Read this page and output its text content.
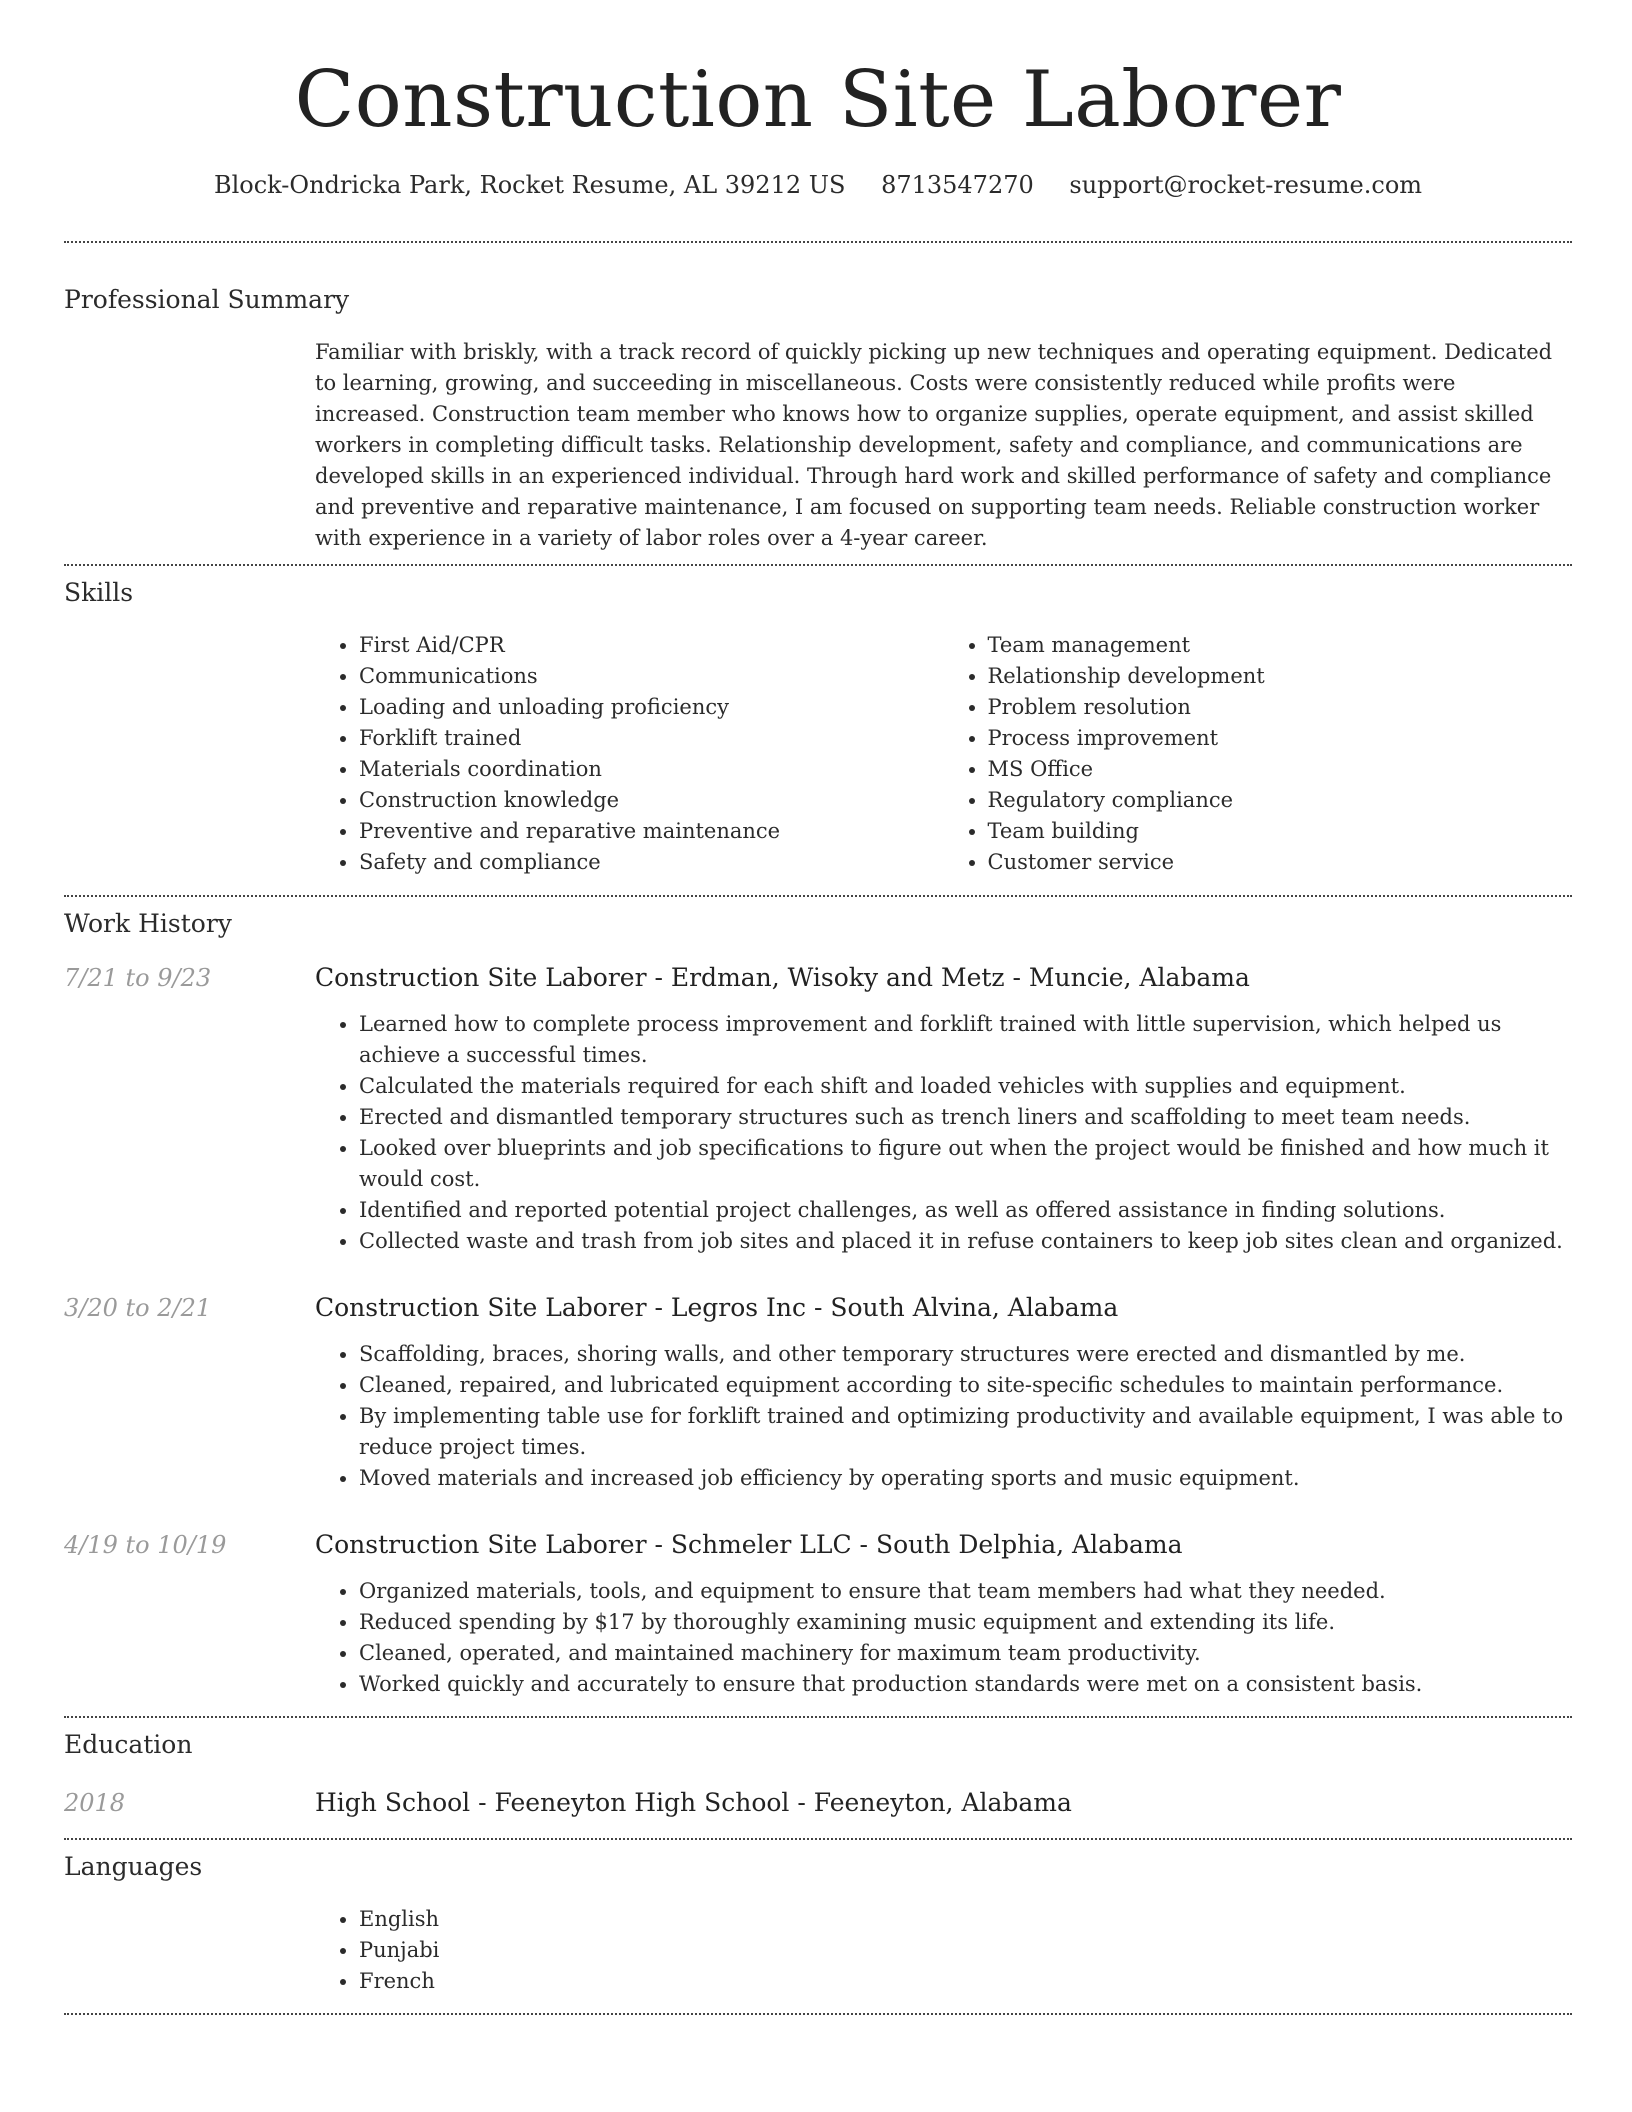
Construction Site Laborer
Block-Ondricka Park, Rocket Resume, AL 39212 US 8713547270 support@rocket-resume.com
Professional Summary
Familiar with briskly, with a track record of quickly picking up new techniques and operating equipment. Dedicated to learning, growing, and succeeding in miscellaneous. Costs were consistently reduced while profits were increased. Construction team member who knows how to organize supplies, operate equipment, and assist skilled workers in completing difficult tasks. Relationship development, safety and compliance, and communications are developed skills in an experienced individual. Through hard work and skilled performance of safety and compliance and preventive and reparative maintenance, I am focused on supporting team needs. Reliable construction worker with experience in a variety of labor roles over a 4-year career.
Skills
• First Aid/CPR
• Communications
• Loading and unloading proficiency
• Forklift trained
• Materials coordination
• Construction knowledge
• Preventive and reparative maintenance
• Safety and compliance
• Team management
• Relationship development
• Problem resolution
• Process improvement
• MS Office
• Regulatory compliance
• Team building
• Customer service
Work History
7/21 to 9/23	Construction Site Laborer - Erdman, Wisoky and Metz - Muncie, Alabama
• Learned how to complete process improvement and forklift trained with little supervision, which helped us achieve a successful times.
• Calculated the materials required for each shift and loaded vehicles with supplies and equipment.
• Erected and dismantled temporary structures such as trench liners and scaffolding to meet team needs.
• Looked over blueprints and job specifications to figure out when the project would be finished and how much it would cost.
• Identified and reported potential project challenges, as well as offered assistance in finding solutions.
• Collected waste and trash from job sites and placed it in refuse containers to keep job sites clean and organized.
3/20 to 2/21	Construction Site Laborer - Legros Inc - South Alvina, Alabama
• Scaffolding, braces, shoring walls, and other temporary structures were erected and dismantled by me.
• Cleaned, repaired, and lubricated equipment according to site-specific schedules to maintain performance.
• By implementing table use for forklift trained and optimizing productivity and available equipment, I was able to reduce project times.
• Moved materials and increased job efficiency by operating sports and music equipment.
4/19 to 10/19	Construction Site Laborer - Schmeler LLC - South Delphia, Alabama
• Organized materials, tools, and equipment to ensure that team members had what they needed.
• Reduced spending by $17 by thoroughly examining music equipment and extending its life.
• Cleaned, operated, and maintained machinery for maximum team productivity.
• Worked quickly and accurately to ensure that production standards were met on a consistent basis.
Education
2018	High School - Feeneyton High School - Feeneyton, Alabama
Languages
• English
• Punjabi
• French
